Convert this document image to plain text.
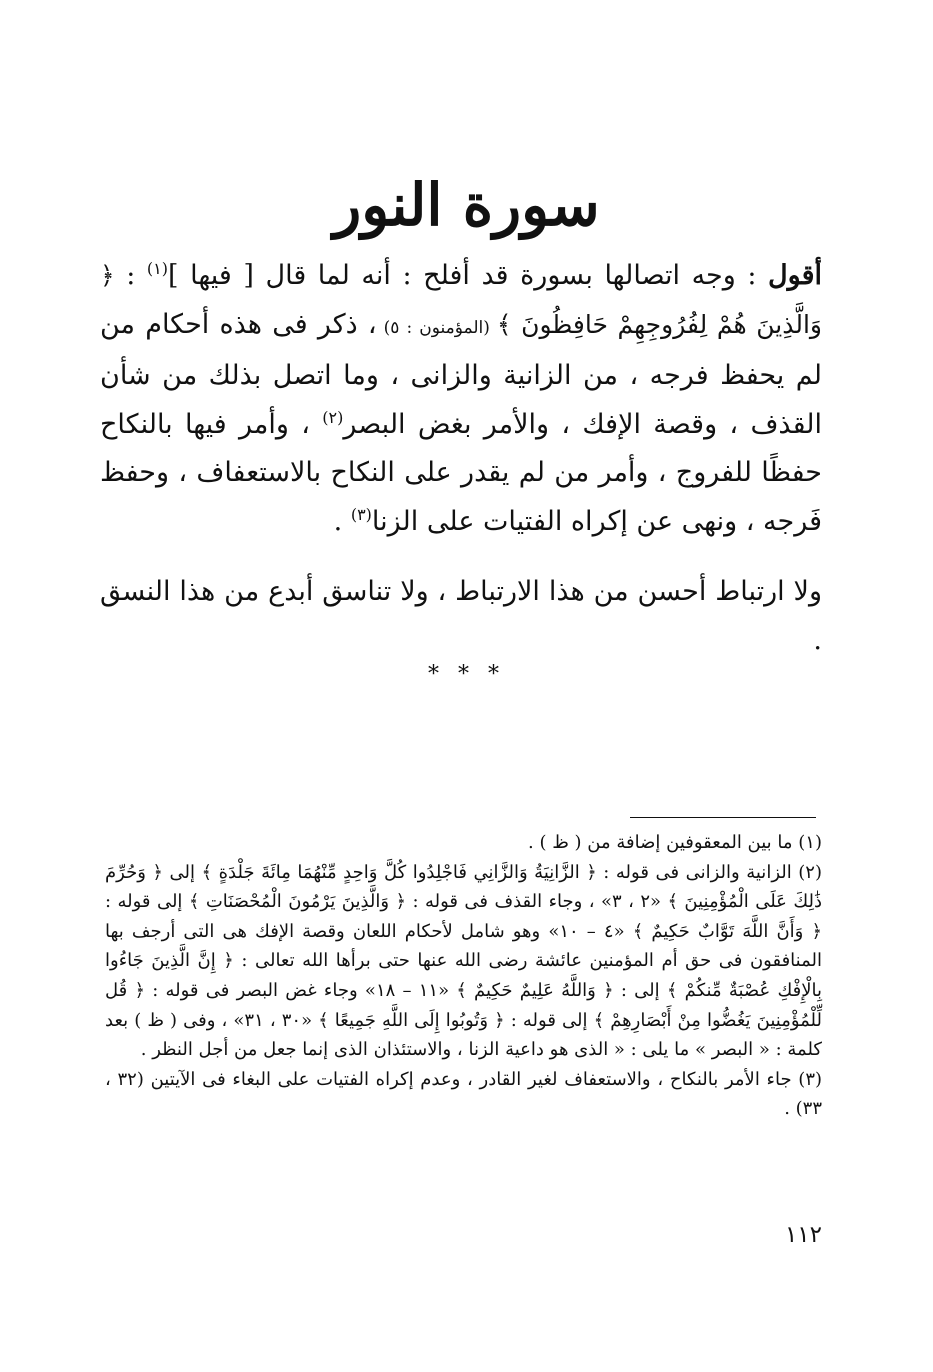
سورة النور

أقول : وجه اتصالها بسورة قد أفلح : أنه لما قال [ فيها ]$^{(١)}$ : ﴿ وَالَّذِينَ هُمْ لِفُرُوجِهِمْ حَافِظُونَ ﴾ (المؤمنون : ٥) ، ذكر فى هذه أحكام من لم يحفظ فرجه ، من الزانية والزانى ، وما اتصل بذلك من شأن القذف ، وقصة الإفك ، والأمر بغض البصر$^{(٢)}$ ، وأمر فيها بالنكاح حفظًا للفروج ، وأمر من لم يقدر على النكاح بالاستعفاف ، وحفظ فَرجه ، ونهى عن إكراه الفتيات على الزنا$^{(٣)}$ .

ولا ارتباط أحسن من هذا الارتباط ، ولا تناسق أبدع من هذا النسق .

* * *

(١) ما بين المعقوفين إضافة من ( ظ ) .

(٢) الزانية والزانى فى قوله : ﴿ الزَّانِيَةُ وَالزَّانِي فَاجْلِدُوا كُلَّ وَاحِدٍ مِّنْهُمَا مِائَةَ جَلْدَةٍ ﴾ إلى ﴿ وَحُرِّمَ ذَٰلِكَ عَلَى الْمُؤْمِنِينَ ﴾ «٢ ، ٣» ، وجاء القذف فى قوله : ﴿ وَالَّذِينَ يَرْمُونَ الْمُحْصَنَاتِ ﴾ إلى قوله : ﴿ وَأَنَّ اللَّهَ تَوَّابٌ حَكِيمٌ ﴾ «٤ – ١٠» وهو شامل لأحكام اللعان وقصة الإفك هى التى أرجف بها المنافقون فى حق أم المؤمنين عائشة رضى الله عنها حتى برأها الله تعالى : ﴿ إِنَّ الَّذِينَ جَاءُوا بِالْإِفْكِ عُصْبَةٌ مِّنكُمْ ﴾ إلى : ﴿ وَاللَّهُ عَلِيمٌ حَكِيمٌ ﴾ «١١ – ١٨» وجاء غض البصر فى قوله : ﴿ قُل لِّلْمُؤْمِنِينَ يَغُضُّوا مِنْ أَبْصَارِهِمْ ﴾ إلى قوله : ﴿ وَتُوبُوا إِلَى اللَّهِ جَمِيعًا ﴾ «٣٠ ، ٣١» ، وفى ( ظ ) بعد كلمة : « البصر » ما يلى : « الذى هو داعية الزنا ، والاستئذان الذى إنما جعل من أجل النظر .

(٣) جاء الأمر بالنكاح ، والاستعفاف لغير القادر ، وعدم إكراه الفتيات على البغاء فى الآيتين (٣٢ ، ٣٣) .

١١٢
